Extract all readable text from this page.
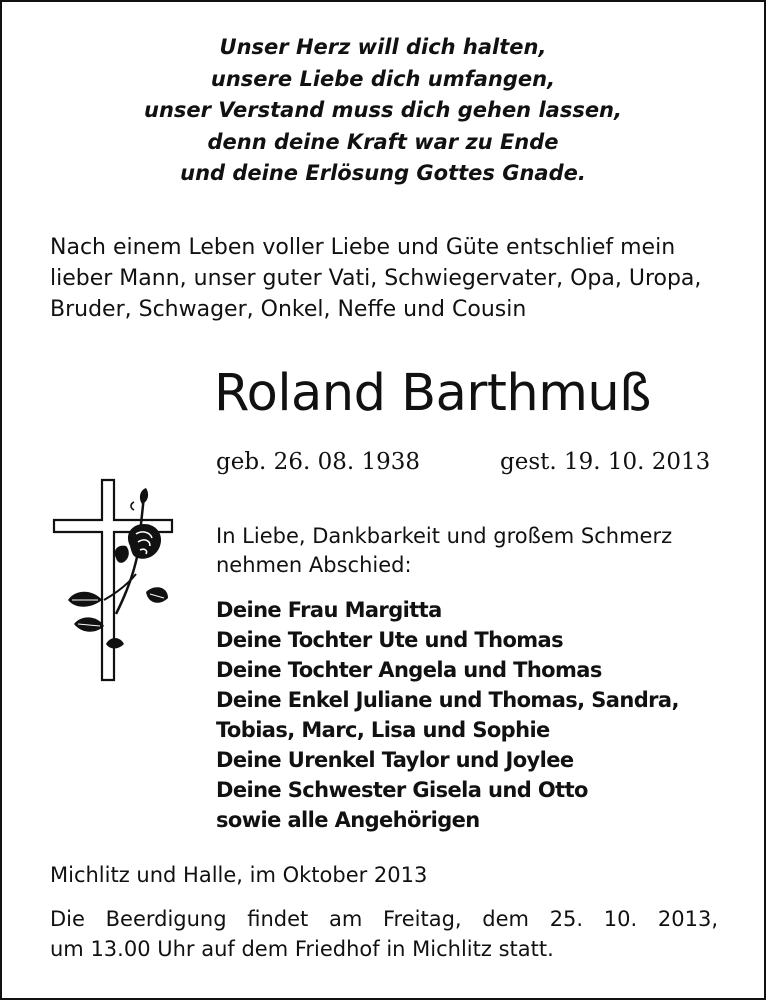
Unser Herz will dich halten,
unsere Liebe dich umfangen,
unser Verstand muss dich gehen lassen,
denn deine Kraft war zu Ende
und deine Erlösung Gottes Gnade.
Nach einem Leben voller Liebe und Güte entschlief mein
lieber Mann, unser guter Vati, Schwiegervater, Opa, Uropa,
Bruder, Schwager, Onkel, Neffe und Cousin
Roland Barthmuß
geb. 26. 08. 1938	gest. 19. 10. 2013
In Liebe, Dankbarkeit und großem Schmerz
nehmen Abschied:
Deine Frau Margitta
Deine Tochter Ute und Thomas
Deine Tochter Angela und Thomas
Deine Enkel Juliane und Thomas, Sandra,
Tobias, Marc, Lisa und Sophie
Deine Urenkel Taylor und Joylee
Deine Schwester Gisela und Otto
sowie alle Angehörigen
Michlitz und Halle, im Oktober 2013
Die Beerdigung findet am Freitag, dem 25. 10. 2013,
um 13.00 Uhr auf dem Friedhof in Michlitz statt.
